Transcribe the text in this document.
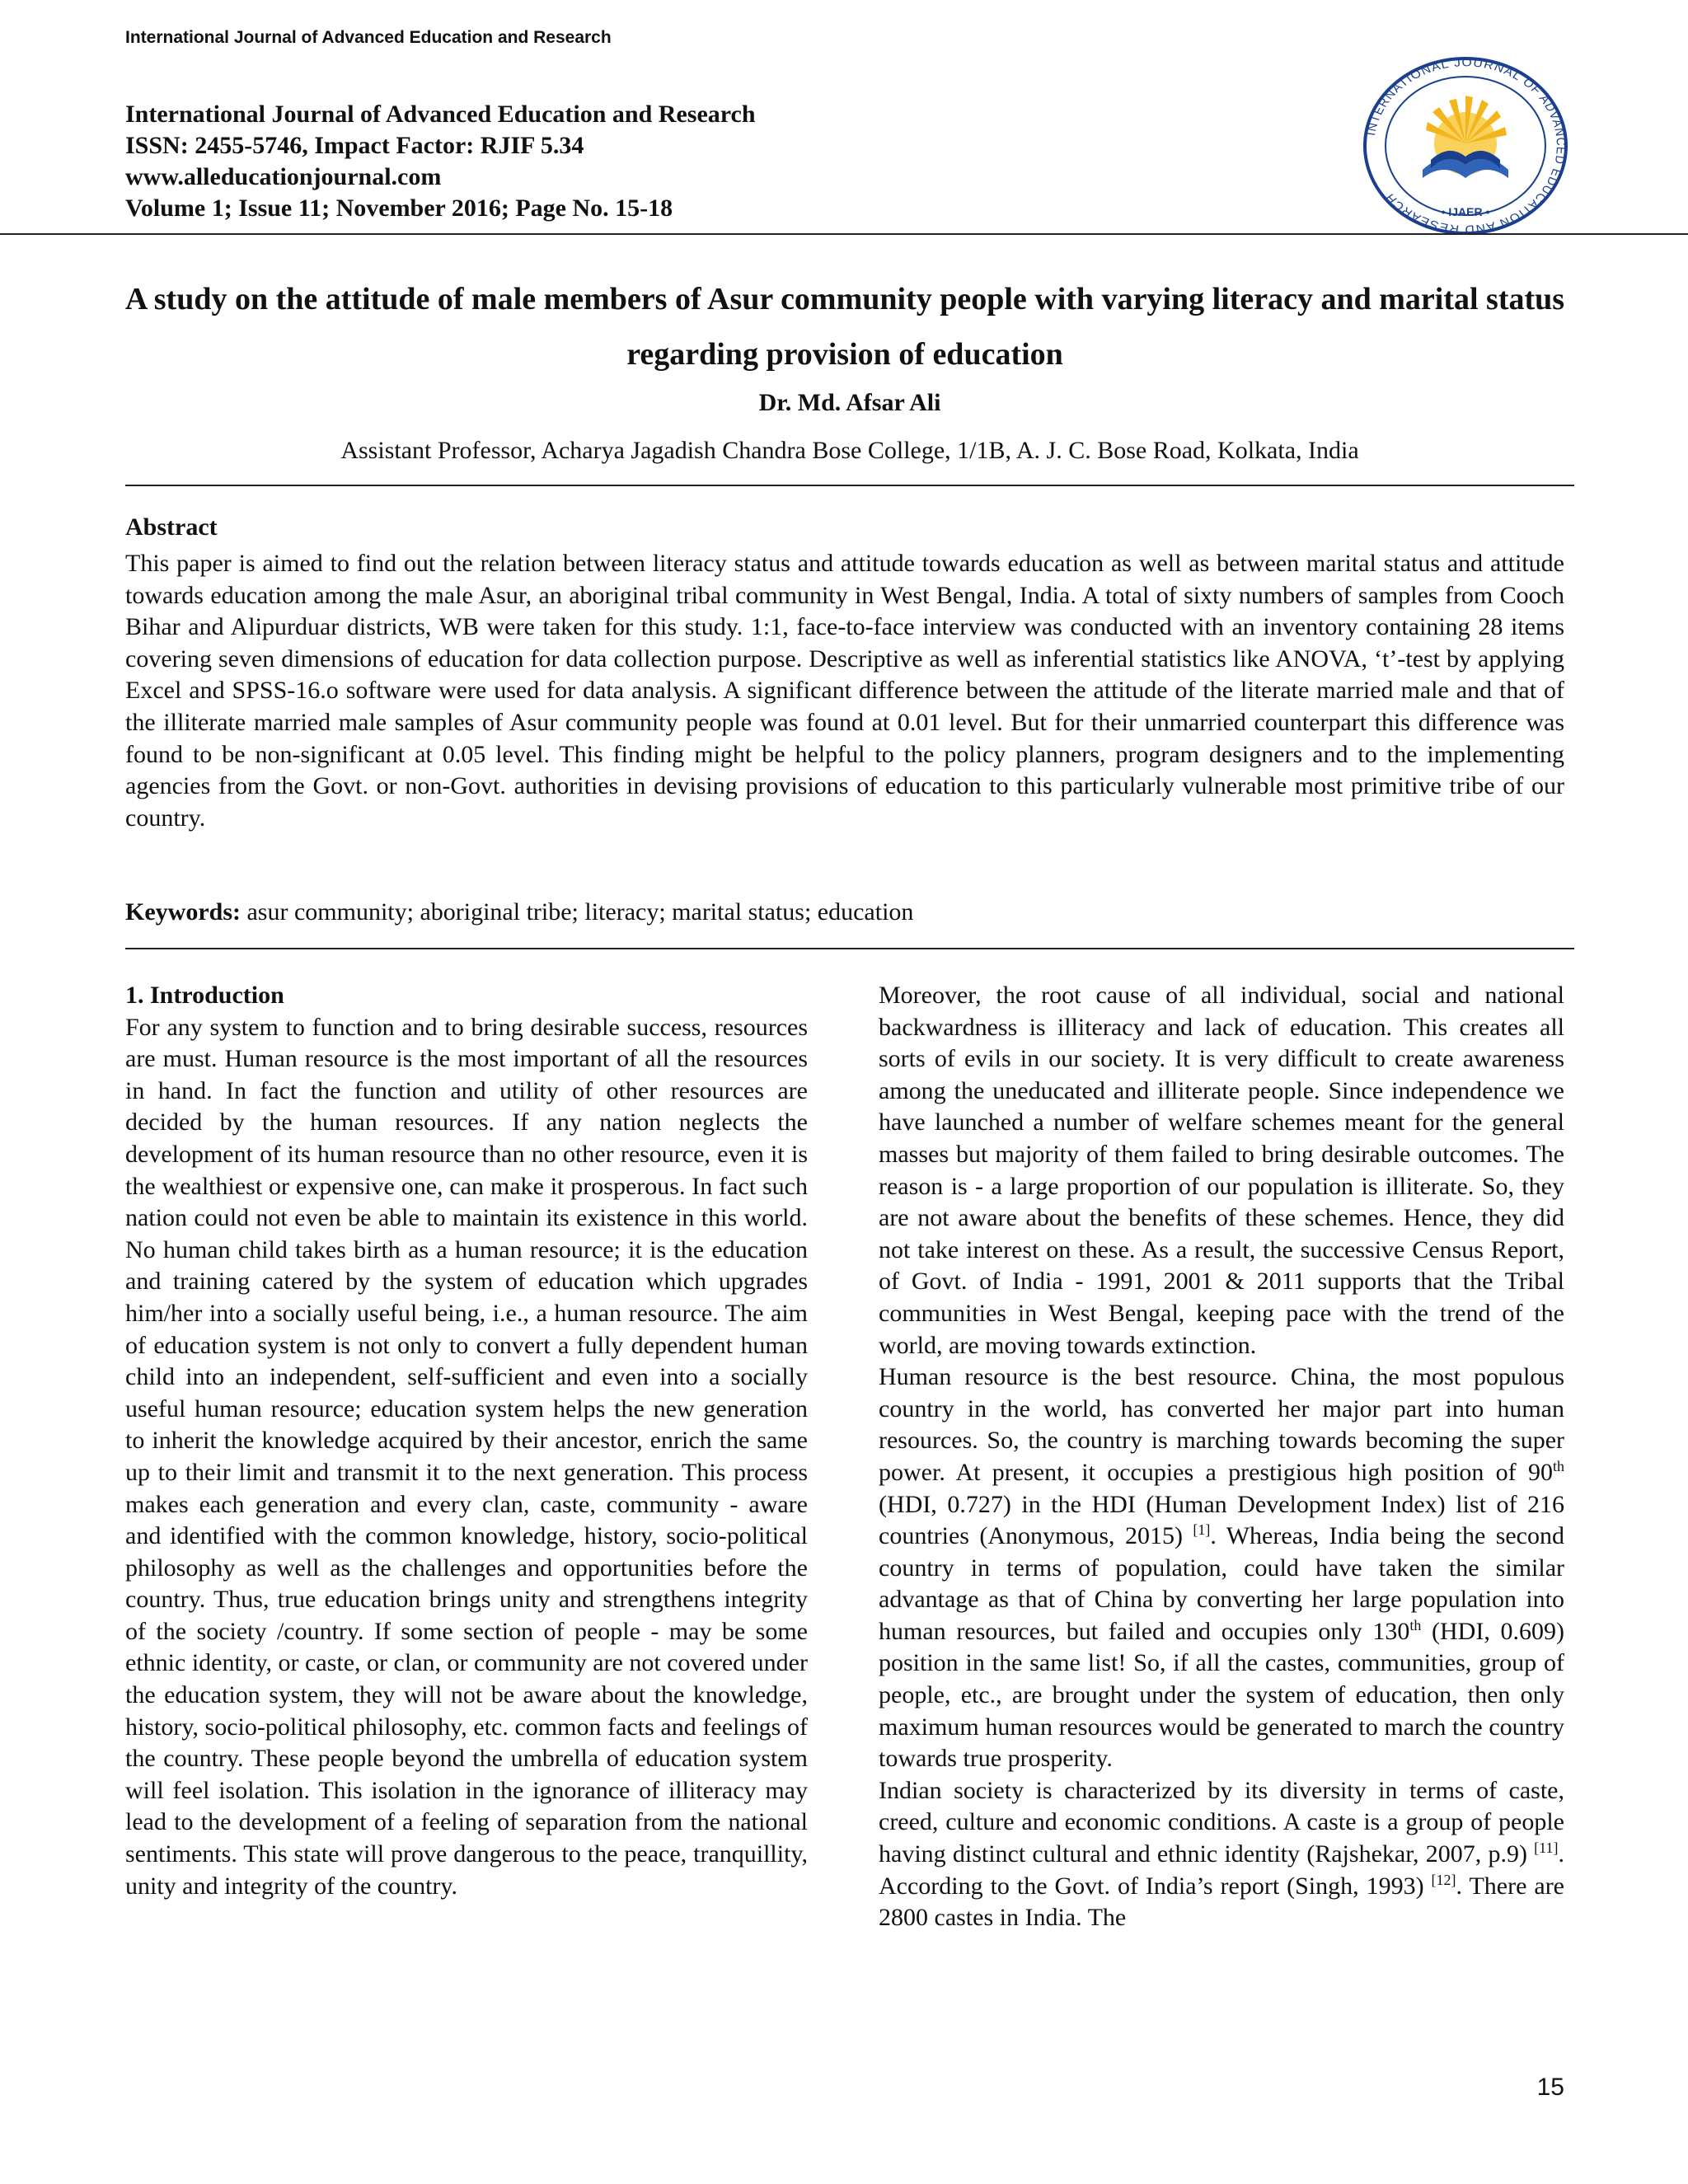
International Journal of Advanced Education and Research
International Journal of Advanced Education and Research
ISSN: 2455-5746, Impact Factor: RJIF 5.34
www.alleducationjournal.com
Volume 1; Issue 11; November 2016; Page No. 15-18
INTERNATIONAL JOURNAL OF ADVANCED EDUCATION AND RESEARCH
• IJAER •
A study on the attitude of male members of Asur community people with varying literacy and marital status regarding provision of education
Dr. Md. Afsar Ali
Assistant Professor, Acharya Jagadish Chandra Bose College, 1/1B, A. J. C. Bose Road, Kolkata, India
Abstract

This paper is aimed to find out the relation between literacy status and attitude towards education as well as between marital status and attitude towards education among the male Asur, an aboriginal tribal community in West Bengal, India. A total of sixty numbers of samples from Cooch Bihar and Alipurduar districts, WB were taken for this study. 1:1, face-to-face interview was conducted with an inventory containing 28 items covering seven dimensions of education for data collection purpose. Descriptive as well as inferential statistics like ANOVA, ‘t’-test by applying Excel and SPSS-16.o software were used for data analysis. A significant difference between the attitude of the literate married male and that of the illiterate married male samples of Asur community people was found at 0.01 level. But for their unmarried counterpart this difference was found to be non-significant at 0.05 level. This finding might be helpful to the policy planners, program designers and to the implementing agencies from the Govt. or non-Govt. authorities in devising provisions of education to this particularly vulnerable most primitive tribe of our country.

Keywords: asur community; aboriginal tribe; literacy; marital status; education
1. Introduction

For any system to function and to bring desirable success, resources are must. Human resource is the most important of all the resources in hand. In fact the function and utility of other resources are decided by the human resources. If any nation neglects the development of its human resource than no other resource, even it is the wealthiest or expensive one, can make it prosperous. In fact such nation could not even be able to maintain its existence in this world. No human child takes birth as a human resource; it is the education and training catered by the system of education which upgrades him/her into a socially useful being, i.e., a human resource. The aim of education system is not only to convert a fully dependent human child into an independent, self-sufficient and even into a socially useful human resource; education system helps the new generation to inherit the knowledge acquired by their ancestor, enrich the same up to their limit and transmit it to the next generation. This process makes each generation and every clan, caste, community - aware and identified with the common knowledge, history, socio-political philosophy as well as the challenges and opportunities before the country. Thus, true education brings unity and strengthens integrity of the society /country. If some section of people - may be some ethnic identity, or caste, or clan, or community are not covered under the education system, they will not be aware about the knowledge, history, socio-political philosophy, etc. common facts and feelings of the country. These people beyond the umbrella of education system will feel isolation. This isolation in the ignorance of illiteracy may lead to the development of a feeling of separation from the national sentiments. This state will prove dangerous to the peace, tranquillity, unity and integrity of the country.

Moreover, the root cause of all individual, social and national backwardness is illiteracy and lack of education. This creates all sorts of evils in our society. It is very difficult to create awareness among the uneducated and illiterate people. Since independence we have launched a number of welfare schemes meant for the general masses but majority of them failed to bring desirable outcomes. The reason is - a large proportion of our population is illiterate. So, they are not aware about the benefits of these schemes. Hence, they did not take interest on these. As a result, the successive Census Report, of Govt. of India - 1991, 2001 & 2011 supports that the Tribal communities in West Bengal, keeping pace with the trend of the world, are moving towards extinction.

Human resource is the best resource. China, the most populous country in the world, has converted her major part into human resources. So, the country is marching towards becoming the super power. At present, it occupies a prestigious high position of 90th (HDI, 0.727) in the HDI (Human Development Index) list of 216 countries (Anonymous, 2015) [1]. Whereas, India being the second country in terms of population, could have taken the similar advantage as that of China by converting her large population into human resources, but failed and occupies only 130th (HDI, 0.609) position in the same list! So, if all the castes, communities, group of people, etc., are brought under the system of education, then only maximum human resources would be generated to march the country towards true prosperity.

Indian society is characterized by its diversity in terms of caste, creed, culture and economic conditions. A caste is a group of people having distinct cultural and ethnic identity (Rajshekar, 2007, p.9) [11]. According to the Govt. of India’s report (Singh, 1993) [12]. There are 2800 castes in India. The

15
